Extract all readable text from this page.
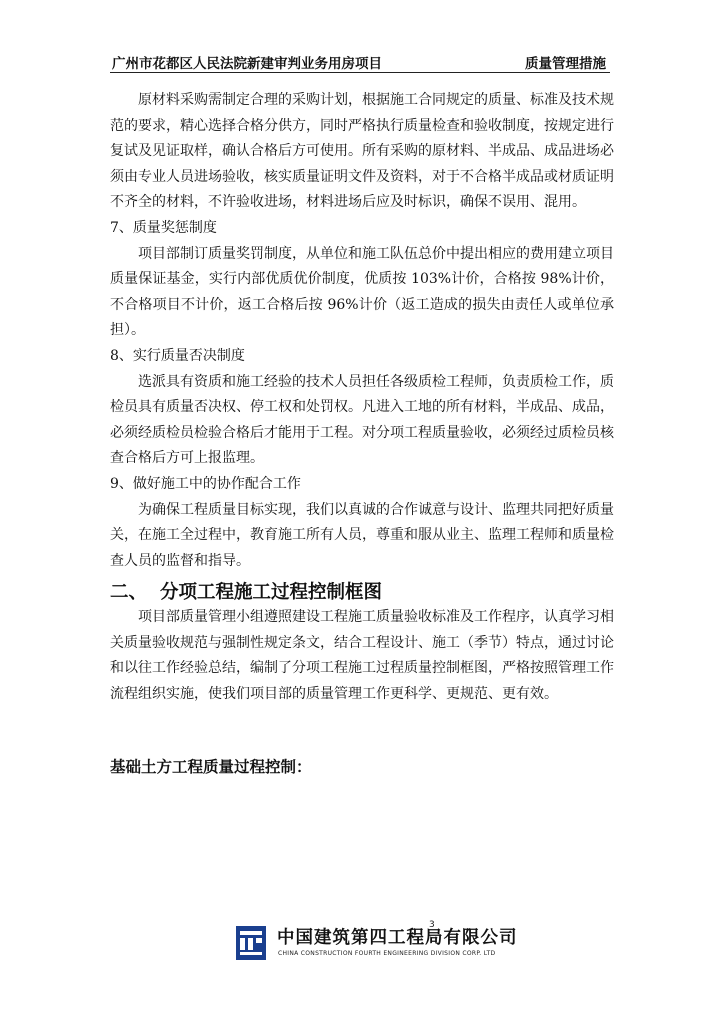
广州市花都区人民法院新建审判业务用房项目	质量管理措施

原材料采购需制定合理的采购计划，根据施工合同规定的质量、标准及技术规范的要求，精心选择合格分供方，同时严格执行质量检查和验收制度，按规定进行复试及见证取样，确认合格后方可使用。所有采购的原材料、半成品、成品进场必须由专业人员进场验收，核实质量证明文件及资料，对于不合格半成品或材质证明不齐全的材料，不许验收进场，材料进场后应及时标识，确保不误用、混用。

7、质量奖惩制度

项目部制订质量奖罚制度，从单位和施工队伍总价中提出相应的费用建立项目质量保证基金，实行内部优质优价制度，优质按 103%计价，合格按 98%计价，不合格项目不计价，返工合格后按 96%计价（返工造成的损失由责任人或单位承担）。

8、实行质量否决制度

选派具有资质和施工经验的技术人员担任各级质检工程师，负责质检工作，质检员具有质量否决权、停工权和处罚权。凡进入工地的所有材料，半成品、成品，必须经质检员检验合格后才能用于工程。对分项工程质量验收，必须经过质检员核查合格后方可上报监理。

9、做好施工中的协作配合工作

为确保工程质量目标实现，我们以真诚的合作诚意与设计、监理共同把好质量关，在施工全过程中，教育施工所有人员，尊重和服从业主、监理工程师和质量检查人员的监督和指导。

二、 分项工程施工过程控制框图

项目部质量管理小组遵照建设工程施工质量验收标准及工作程序，认真学习相关质量验收规范与强制性规定条文，结合工程设计、施工（季节）特点，通过讨论和以往工作经验总结，编制了分项工程施工过程质量控制框图，严格按照管理工作流程组织实施，使我们项目部的质量管理工作更科学、更规范、更有效。

基础土方工程质量过程控制：
中国建筑第四工程局有限公司
CHINA CONSTRUCTION FOURTH ENGINEERING DIVISION CORP. LTD
3
